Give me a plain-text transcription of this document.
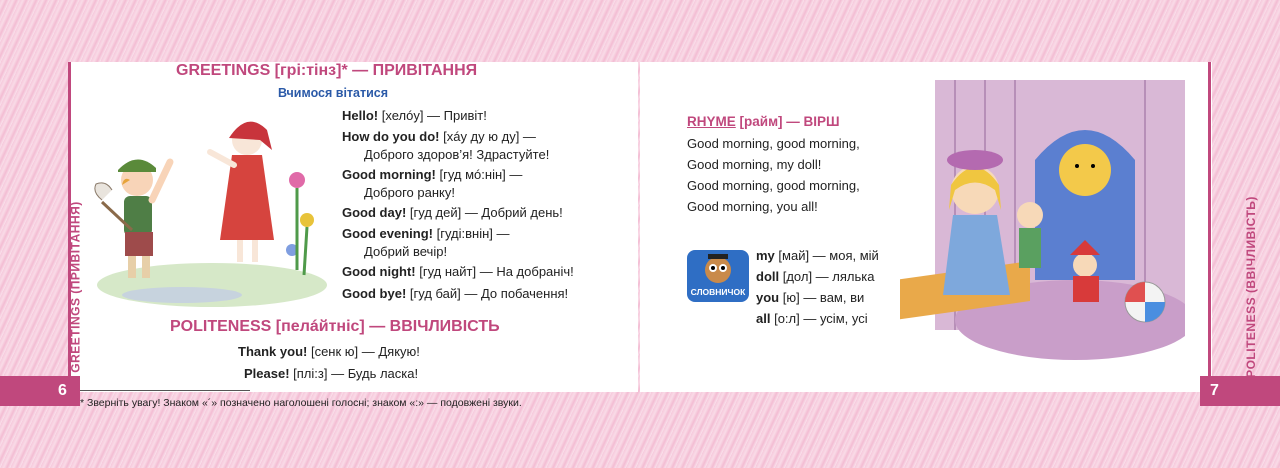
6
GREETINGS (ПРИВІТАННЯ)
GREETINGS [грі:тінз]* — ПРИВІТАННЯ
Вчимося вітатися
Hello! [хелóу] — Привіт!
How do you do! [хáу ду ю ду] —
Доброго здоров’я! Здрастуйте!
Good morning! [гуд мó:нін] —
Доброго ранку!
Good day! [гуд дей] — Добрий день!
Good evening! [гуді:внін] —
Добрий вечір!
Good night! [гуд найт] — На добраніч!
Good bye! [гуд бай] — До побачення!
POLITENESS [пелáйтніс] — ВВІЧЛИВІСТЬ
Thank you! [сенк ю] — Дякую!
Please! [плі:з] — Будь ласка!
* Зверніть увагу! Знаком «´» позначено наголошені голосні; знаком «:» — подовжені звуки.
7
POLITENESS (ВВІЧЛИВІСТЬ)
RHYME [райм] — ВІРШ
Good morning, good morning,
Good morning, my doll!
Good morning, good morning,
Good morning, you all!
СЛОВНИЧОК
my [май] — моя, мій
doll [дол] — лялька
you [ю] — вам, ви
all [о:л] — усім, усі
